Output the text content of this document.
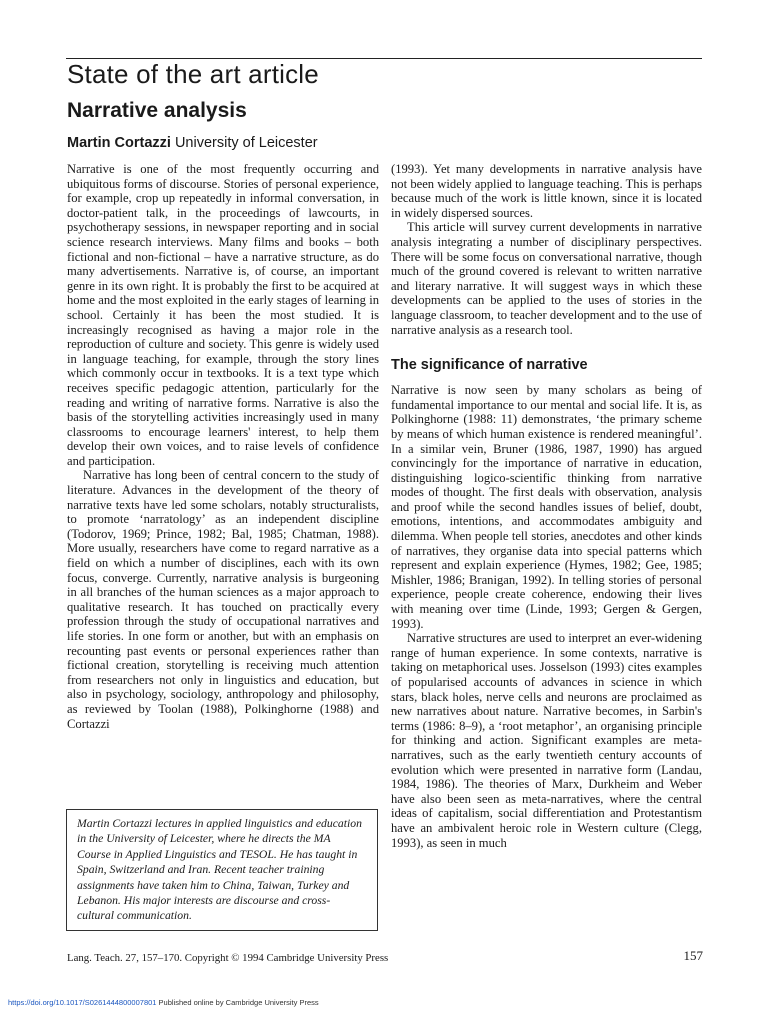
State of the art article
Narrative analysis
Martin Cortazzi University of Leicester

Narrative is one of the most frequently occurring and ubiquitous forms of discourse. Stories of personal experience, for example, crop up repeatedly in informal conversation, in doctor-patient talk, in the proceedings of lawcourts, in psychotherapy sessions, in newspaper reporting and in social science research interviews. Many films and books – both fictional and non-fictional – have a narrative structure, as do many advertisements. Narrative is, of course, an important genre in its own right. It is probably the first to be acquired at home and the most exploited in the early stages of learning in school. Certainly it has been the most studied. It is increasingly recognised as having a major role in the reproduction of culture and society. This genre is widely used in language teaching, for example, through the story lines which commonly occur in textbooks. It is a text type which receives specific pedagogic attention, particularly for the reading and writing of narrative forms. Narrative is also the basis of the storytelling activities increasingly used in many classrooms to encourage learners' interest, to help them develop their own voices, and to raise levels of confidence and participation.

Narrative has long been of central concern to the study of literature. Advances in the development of the theory of narrative texts have led some scholars, notably structuralists, to promote ‘narratology’ as an independent discipline (Todorov, 1969; Prince, 1982; Bal, 1985; Chatman, 1988). More usually, researchers have come to regard narrative as a field on which a number of disciplines, each with its own focus, converge. Currently, narrative analysis is burgeoning in all branches of the human sciences as a major approach to qualitative research. It has touched on practically every profession through the study of occupational narratives and life stories. In one form or another, but with an emphasis on recounting past events or personal experiences rather than fictional creation, storytelling is receiving much attention from researchers not only in linguistics and education, but also in psychology, sociology, anthropology and philosophy, as reviewed by Toolan (1988), Polkinghorne (1988) and Cortazzi

(1993). Yet many developments in narrative analysis have not been widely applied to language teaching. This is perhaps because much of the work is little known, since it is located in widely dispersed sources.

This article will survey current developments in narrative analysis integrating a number of disciplinary perspectives. There will be some focus on conversational narrative, though much of the ground covered is relevant to written narrative and literary narrative. It will suggest ways in which these developments can be applied to the uses of stories in the language classroom, to teacher development and to the use of narrative analysis as a research tool.

The significance of narrative

Narrative is now seen by many scholars as being of fundamental importance to our mental and social life. It is, as Polkinghorne (1988: 11) demonstrates, ‘the primary scheme by means of which human existence is rendered meaningful’. In a similar vein, Bruner (1986, 1987, 1990) has argued convincingly for the importance of narrative in education, distinguishing logico-scientific thinking from narrative modes of thought. The first deals with observation, analysis and proof while the second handles issues of belief, doubt, emotions, intentions, and accommodates ambiguity and dilemma. When people tell stories, anecdotes and other kinds of narratives, they organise data into special patterns which represent and explain experience (Hymes, 1982; Gee, 1985; Mishler, 1986; Branigan, 1992). In telling stories of personal experience, people create coherence, endowing their lives with meaning over time (Linde, 1993; Gergen & Gergen, 1993).

Narrative structures are used to interpret an ever-widening range of human experience. In some contexts, narrative is taking on metaphorical uses. Josselson (1993) cites examples of popularised accounts of advances in science in which stars, black holes, nerve cells and neurons are proclaimed as new narratives about nature. Narrative becomes, in Sarbin's terms (1986: 8–9), a ‘root metaphor’, an organising principle for thinking and action. Significant examples are meta-narratives, such as the early twentieth century accounts of evolution which were presented in narrative form (Landau, 1984, 1986). The theories of Marx, Durkheim and Weber have also been seen as meta-narratives, where the central ideas of capitalism, social differentiation and Protestantism have an ambivalent heroic role in Western culture (Clegg, 1993), as seen in much

Martin Cortazzi lectures in applied linguistics and education in the University of Leicester, where he directs the MA Course in Applied Linguistics and TESOL. He has taught in Spain, Switzerland and Iran. Recent teacher training assignments have taken him to China, Taiwan, Turkey and Lebanon. His major interests are discourse and cross-cultural communication.
Lang. Teach. 27, 157–170. Copyright © 1994 Cambridge University Press	157
https://doi.org/10.1017/S0261444800007801 Published online by Cambridge University Press
